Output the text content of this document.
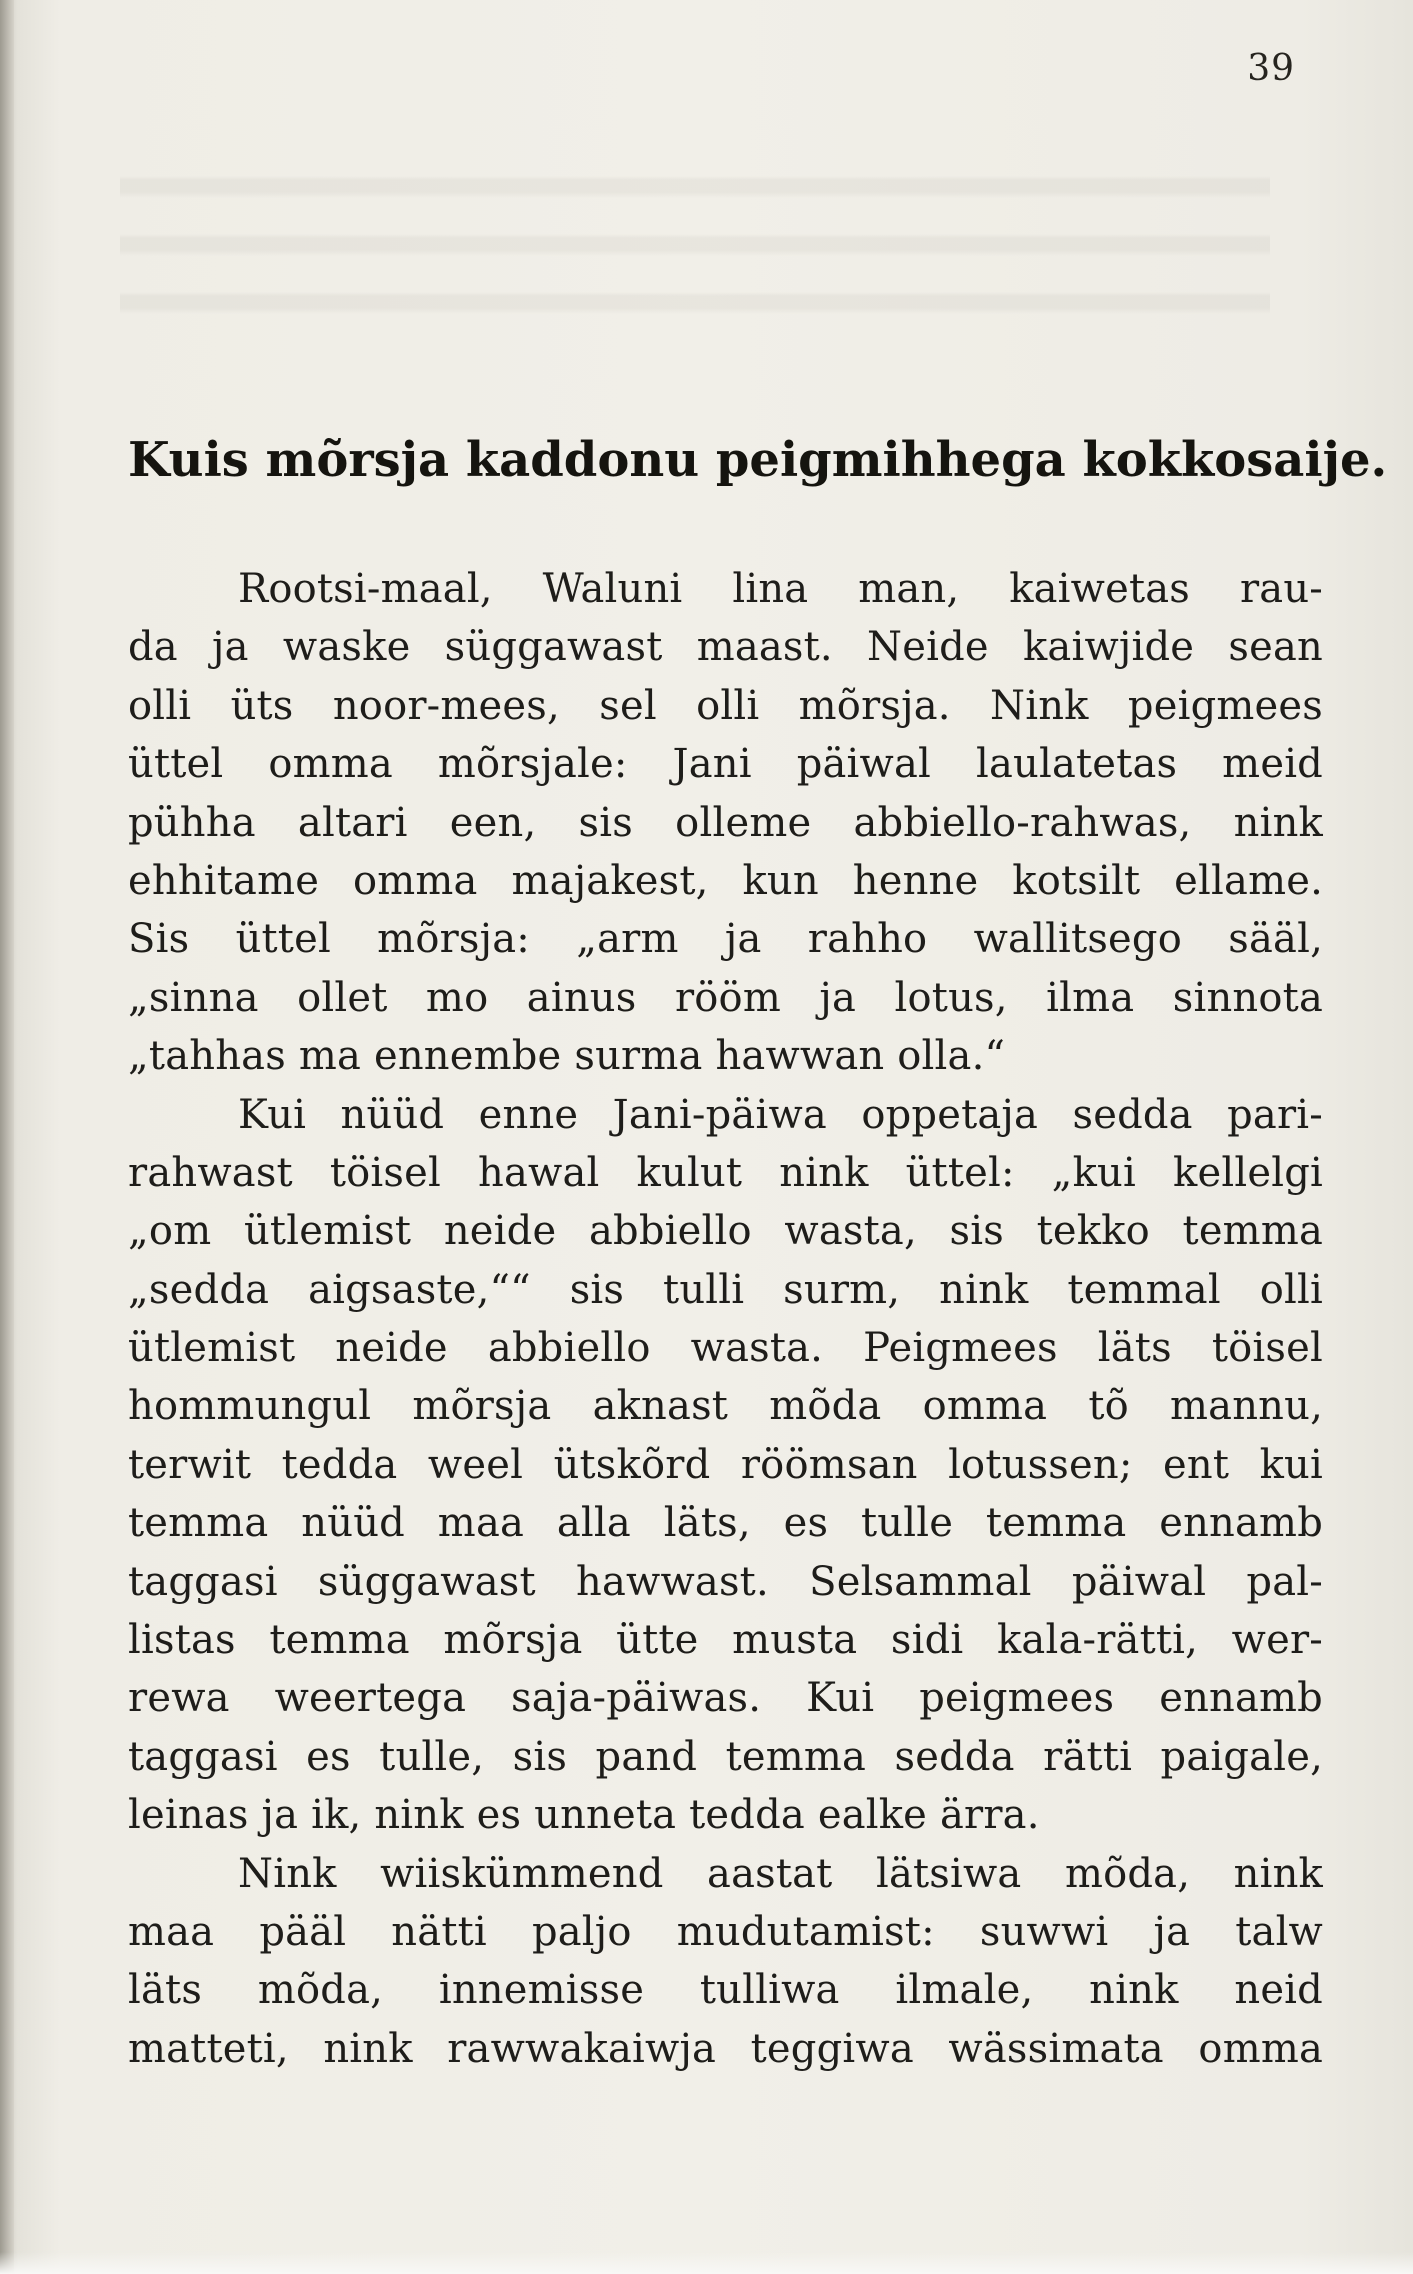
39
Kuis mõrsja kaddonu peigmihhega kokkosaije.
Rootsi-maal, Waluni lina man, kaiwetas rau-
da ja waske süggawast maast. Neide kaiwjide sean
olli üts noor-mees, sel olli mõrsja. Nink peigmees
üttel omma mõrsjale: Jani päiwal laulatetas meid
pühha altari een, sis olleme abbiello-rahwas, nink
ehhitame omma majakest, kun henne kotsilt ellame.
Sis üttel mõrsja: „arm ja rahho wallitsego sääl,
„sinna ollet mo ainus rööm ja lotus, ilma sinnota
„tahhas ma ennembe surma hawwan olla.“
Kui nüüd enne Jani-päiwa oppetaja sedda pari-
rahwast töisel hawal kulut nink üttel: „kui kellelgi
„om ütlemist neide abbiello wasta, sis tekko temma
„sedda aigsaste,““ sis tulli surm, nink temmal olli
ütlemist neide abbiello wasta. Peigmees läts töisel
hommungul mõrsja aknast mõda omma tõ mannu,
terwit tedda weel ütskõrd röömsan lotussen; ent kui
temma nüüd maa alla läts, es tulle temma ennamb
taggasi süggawast hawwast. Selsammal päiwal pal-
listas temma mõrsja ütte musta sidi kala-rätti, wer-
rewa weertega saja-päiwas. Kui peigmees ennamb
taggasi es tulle, sis pand temma sedda rätti paigale,
leinas ja ik, nink es unneta tedda ealke ärra.
Nink wiiskümmend aastat lätsiwa mõda, nink
maa pääl nätti paljo mudutamist: suwwi ja talw
läts mõda, innemisse tulliwa ilmale, nink neid
matteti, nink rawwakaiwja teggiwa wässimata omma
